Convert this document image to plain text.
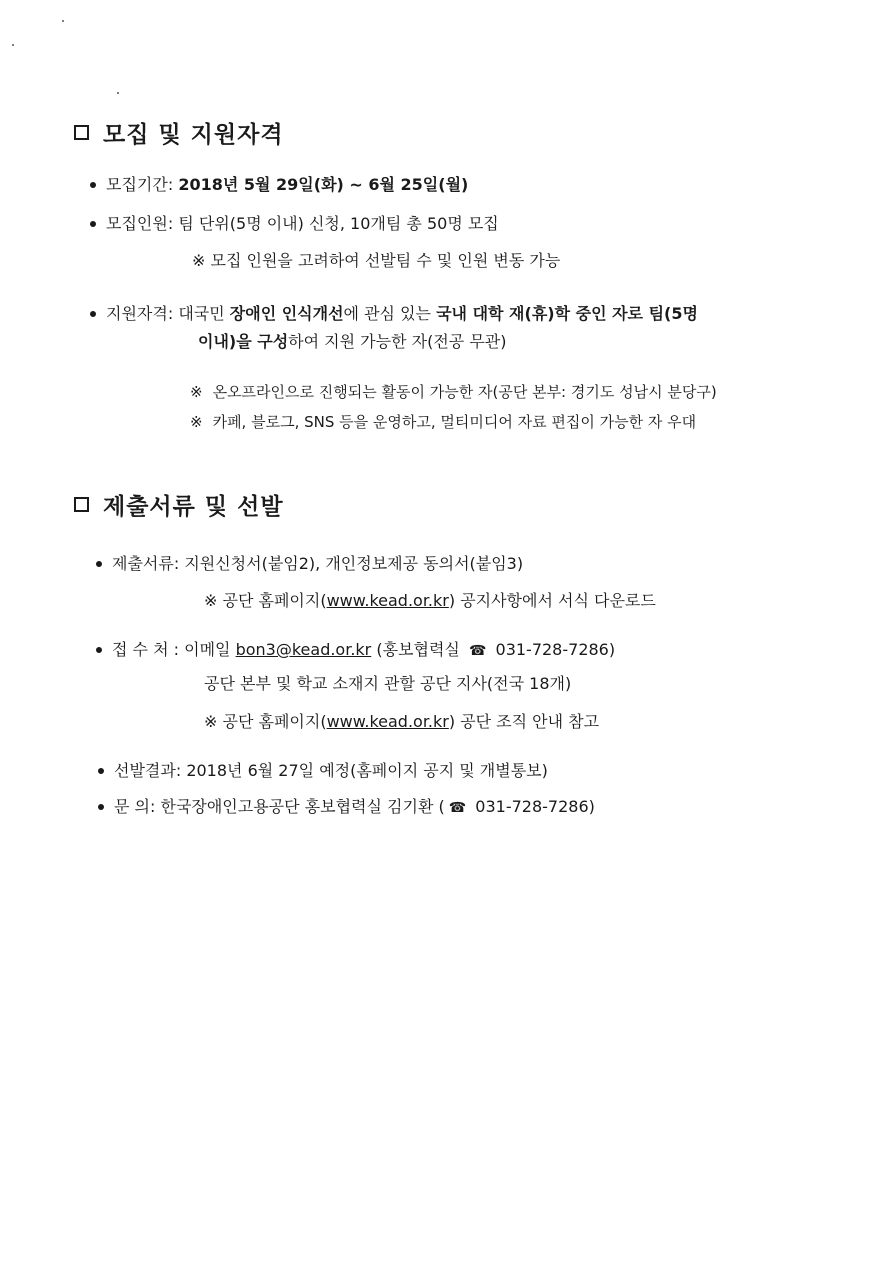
모집 및 지원자격
모집기간: 2018년 5월 29일(화) ~ 6월 25일(월)
모집인원: 팀 단위(5명 이내) 신청, 10개팀 총 50명 모집
※ 모집 인원을 고려하여 선발팀 수 및 인원 변동 가능
지원자격: 대국민 장애인 인식개선에 관심 있는 국내 대학 재(휴)학 중인 자로 팀(5명
이내)을 구성하여 지원 가능한 자(전공 무관)
※ 온오프라인으로 진행되는 활동이 가능한 자(공단 본부: 경기도 성남시 분당구)
※ 카페, 블로그, SNS 등을 운영하고, 멀티미디어 자료 편집이 가능한 자 우대
제출서류 및 선발
제출서류: 지원신청서(붙임2), 개인정보제공 동의서(붙임3)
※ 공단 홈페이지(www.kead.or.kr) 공지사항에서 서식 다운로드
접 수 처 : 이메일 bon3@kead.or.kr (홍보협력실 ☎ 031-728-7286)
공단 본부 및 학교 소재지 관할 공단 지사(전국 18개)
※ 공단 홈페이지(www.kead.or.kr) 공단 조직 안내 참고
선발결과: 2018년 6월 27일 예정(홈페이지 공지 및 개별통보)
문 의: 한국장애인고용공단 홍보협력실 김기환 ( ☎ 031-728-7286)
